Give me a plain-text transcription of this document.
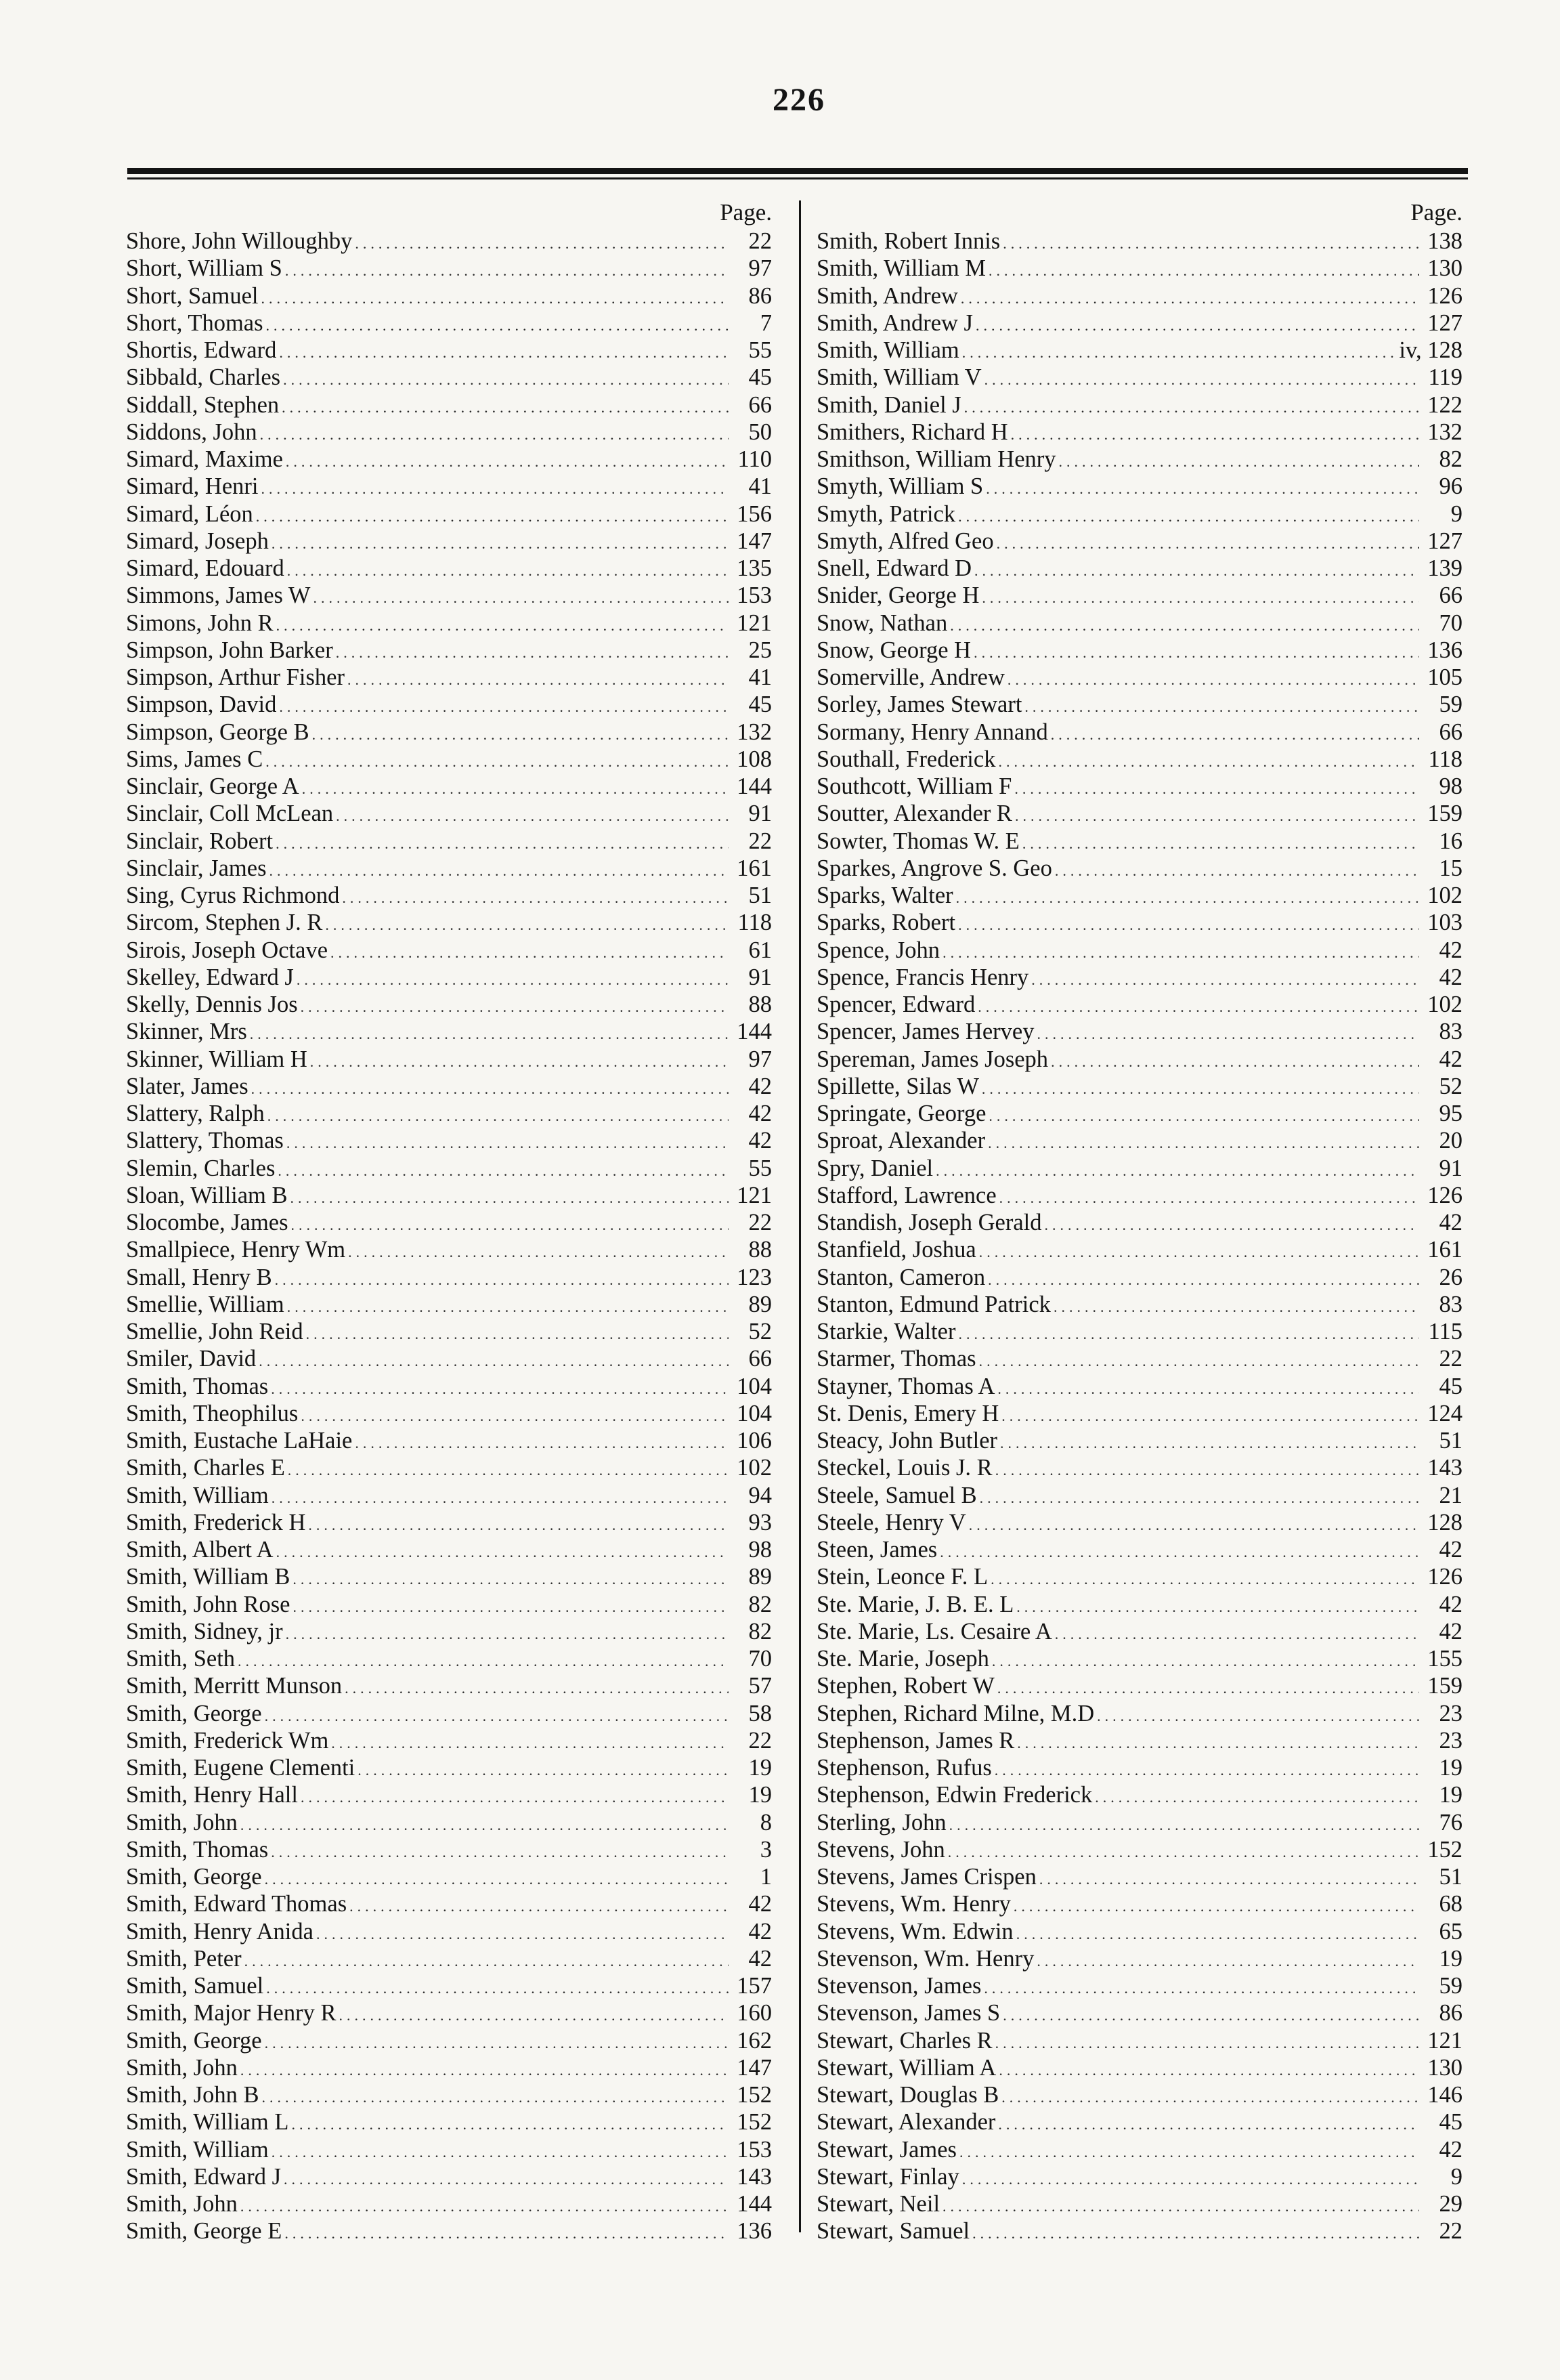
226
Page.
Shore, John Willoughby .....	22
Short, William S .....	97
Short, Samuel .....	86
Short, Thomas .....	7
Shortis, Edward .....	55
Sibbald, Charles .....	45
Siddall, Stephen .....	66
Siddons, John .....	50
Simard, Maxime .....	110
Simard, Henri .....	41
Simard, Léon .....	156
Simard, Joseph .....	147
Simard, Edouard .....	135
Simmons, James W .....	153
Simons, John R .....	121
Simpson, John Barker .....	25
Simpson, Arthur Fisher .....	41
Simpson, David .....	45
Simpson, George B .....	132
Sims, James C .....	108
Sinclair, George A .....	144
Sinclair, Coll McLean .....	91
Sinclair, Robert .....	22
Sinclair, James .....	161
Sing, Cyrus Richmond .....	51
Sircom, Stephen J. R .....	118
Sirois, Joseph Octave .....	61
Skelley, Edward J .....	91
Skelly, Dennis Jos .....	88
Skinner, Mrs .....	144
Skinner, William H .....	97
Slater, James .....	42
Slattery, Ralph .....	42
Slattery, Thomas .....	42
Slemin, Charles .....	55
Sloan, William B .....	121
Slocombe, James .....	22
Smallpiece, Henry Wm .....	88
Small, Henry B .....	123
Smellie, William .....	89
Smellie, John Reid .....	52
Smiler, David .....	66
Smith, Thomas .....	104
Smith, Theophilus .....	104
Smith, Eustache LaHaie .....	106
Smith, Charles E .....	102
Smith, William .....	94
Smith, Frederick H .....	93
Smith, Albert A .....	98
Smith, William B .....	89
Smith, John Rose .....	82
Smith, Sidney, jr .....	82
Smith, Seth .....	70
Smith, Merritt Munson .....	57
Smith, George .....	58
Smith, Frederick Wm .....	22
Smith, Eugene Clementi .....	19
Smith, Henry Hall .....	19
Smith, John .....	8
Smith, Thomas .....	3
Smith, George .....	1
Smith, Edward Thomas .....	42
Smith, Henry Anida .....	42
Smith, Peter .....	42
Smith, Samuel .....	157
Smith, Major Henry R .....	160
Smith, George .....	162
Smith, John .....	147
Smith, John B .....	152
Smith, William L .....	152
Smith, William .....	153
Smith, Edward J .....	143
Smith, John .....	144
Smith, George E .....	136
Page.
Smith, Robert Innis .....	138
Smith, William M .....	130
Smith, Andrew .....	126
Smith, Andrew J .....	127
Smith, William .....	iv, 128
Smith, William V .....	119
Smith, Daniel J .....	122
Smithers, Richard H .....	132
Smithson, William Henry .....	82
Smyth, William S .....	96
Smyth, Patrick .....	9
Smyth, Alfred Geo .....	127
Snell, Edward D .....	139
Snider, George H .....	66
Snow, Nathan .....	70
Snow, George H .....	136
Somerville, Andrew .....	105
Sorley, James Stewart .....	59
Sormany, Henry Annand .....	66
Southall, Frederick .....	118
Southcott, William F .....	98
Soutter, Alexander R .....	159
Sowter, Thomas W. E .....	16
Sparkes, Angrove S. Geo .....	15
Sparks, Walter .....	102
Sparks, Robert .....	103
Spence, John .....	42
Spence, Francis Henry .....	42
Spencer, Edward .....	102
Spencer, James Hervey .....	83
Spereman, James Joseph .....	42
Spillette, Silas W .....	52
Springate, George .....	95
Sproat, Alexander .....	20
Spry, Daniel .....	91
Stafford, Lawrence .....	126
Standish, Joseph Gerald .....	42
Stanfield, Joshua .....	161
Stanton, Cameron .....	26
Stanton, Edmund Patrick .....	83
Starkie, Walter .....	115
Starmer, Thomas .....	22
Stayner, Thomas A .....	45
St. Denis, Emery H .....	124
Steacy, John Butler .....	51
Steckel, Louis J. R .....	143
Steele, Samuel B .....	21
Steele, Henry V .....	128
Steen, James .....	42
Stein, Leonce F. L .....	126
Ste. Marie, J. B. E. L .....	42
Ste. Marie, Ls. Cesaire A .....	42
Ste. Marie, Joseph .....	155
Stephen, Robert W .....	159
Stephen, Richard Milne, M.D .....	23
Stephenson, James R .....	23
Stephenson, Rufus .....	19
Stephenson, Edwin Frederick .....	19
Sterling, John .....	76
Stevens, John .....	152
Stevens, James Crispen .....	51
Stevens, Wm. Henry .....	68
Stevens, Wm. Edwin .....	65
Stevenson, Wm. Henry .....	19
Stevenson, James .....	59
Stevenson, James S .....	86
Stewart, Charles R .....	121
Stewart, William A .....	130
Stewart, Douglas B .....	146
Stewart, Alexander .....	45
Stewart, James .....	42
Stewart, Finlay .....	9
Stewart, Neil .....	29
Stewart, Samuel .....	22
